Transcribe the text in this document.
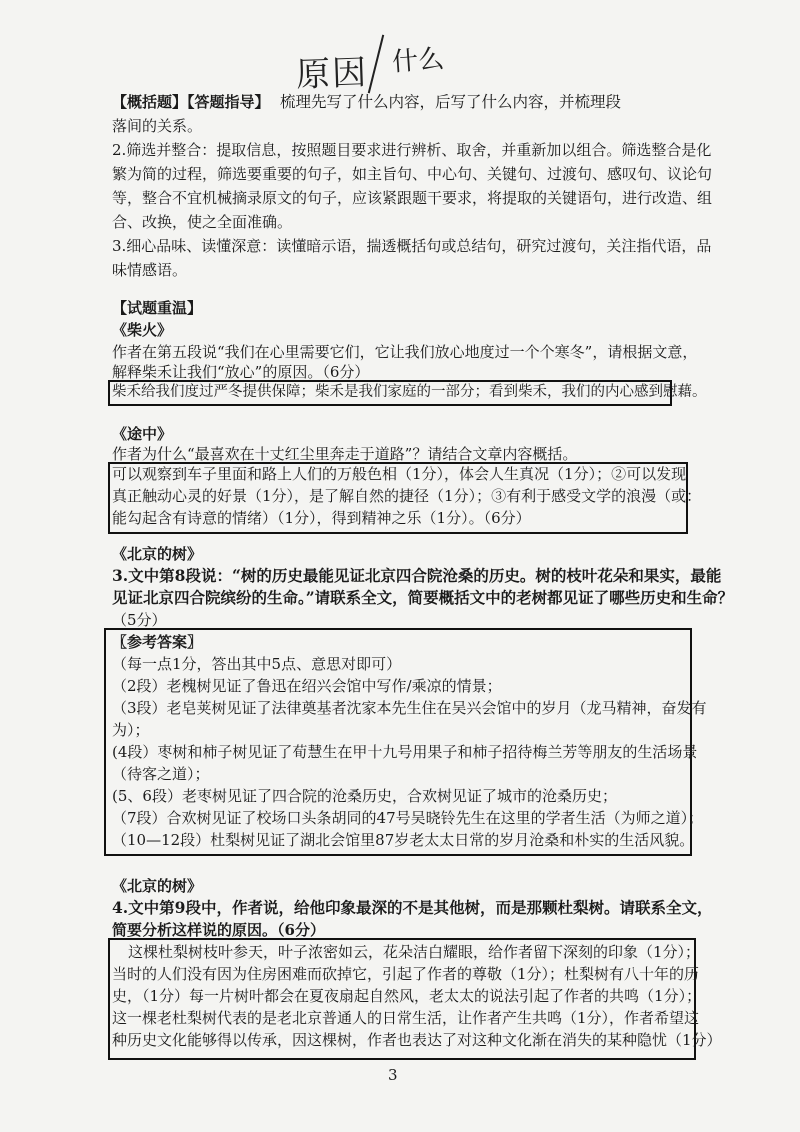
原因 什么
【概括题】【答题指导】 梳理先写了什么内容，后写了什么内容，并梳理段
落间的关系。
2.筛选并整合：提取信息，按照题目要求进行辨析、取舍，并重新加以组合。筛选整合是化
繁为简的过程，筛选要重要的句子，如主旨句、中心句、关键句、过渡句、感叹句、议论句
等，整合不宜机械摘录原文的句子，应该紧跟题干要求，将提取的关键语句，进行改造、组
合、改换，使之全面准确。
3.细心品味、读懂深意：读懂暗示语，揣透概括句或总结句，研究过渡句，关注指代语，品
味情感语。
【试题重温】
《柴火》
作者在第五段说“我们在心里需要它们，它让我们放心地度过一个个寒冬”，请根据文意，
解释柴禾让我们“放心”的原因。（6分）
柴禾给我们度过严冬提供保障；柴禾是我们家庭的一部分；看到柴禾，我们的内心感到慰藉。
《途中》
作者为什么“最喜欢在十丈红尘里奔走于道路”？请结合文章内容概括。
可以观察到车子里面和路上人们的万般色相（1分），体会人生真况（1分）；②可以发现
真正触动心灵的好景（1分），是了解自然的捷径（1分）；③有利于感受文学的浪漫（或：
能勾起含有诗意的情绪）（1分），得到精神之乐（1分）。（6分）
《北京的树》
3.文中第8段说：“树的历史最能见证北京四合院沧桑的历史。树的枝叶花朵和果实，最能
见证北京四合院缤纷的生命。”请联系全文，简要概括文中的老树都见证了哪些历史和生命？
（5分）
〖参考答案〗
（每一点1分，答出其中5点、意思对即可）
（2段）老槐树见证了鲁迅在绍兴会馆中写作/乘凉的情景；
（3段）老皂荚树见证了法律奠基者沈家本先生住在吴兴会馆中的岁月（龙马精神，奋发有
为）；
(4段）枣树和柿子树见证了荀慧生在甲十九号用果子和柿子招待梅兰芳等朋友的生活场景
（待客之道）；
(5、6段）老枣树见证了四合院的沧桑历史，合欢树见证了城市的沧桑历史；
（7段）合欢树见证了校场口头条胡同的47号吴晓铃先生在这里的学者生活（为师之道）；
（10—12段）杜梨树见证了湖北会馆里87岁老太太日常的岁月沧桑和朴实的生活风貌。
《北京的树》
4.文中第9段中，作者说，给他印象最深的不是其他树，而是那颗杜梨树。请联系全文，
简要分析这样说的原因。（6分）
这棵杜梨树枝叶参天，叶子浓密如云，花朵洁白耀眼，给作者留下深刻的印象（1分）；
当时的人们没有因为住房困难而砍掉它，引起了作者的尊敬（1分）；杜梨树有八十年的历
史，（1分）每一片树叶都会在夏夜扇起自然风，老太太的说法引起了作者的共鸣（1分）；
这一棵老杜梨树代表的是老北京普通人的日常生活，让作者产生共鸣（1分），作者希望这
种历史文化能够得以传承，因这棵树，作者也表达了对这种文化渐在消失的某种隐忧（1分）
3
